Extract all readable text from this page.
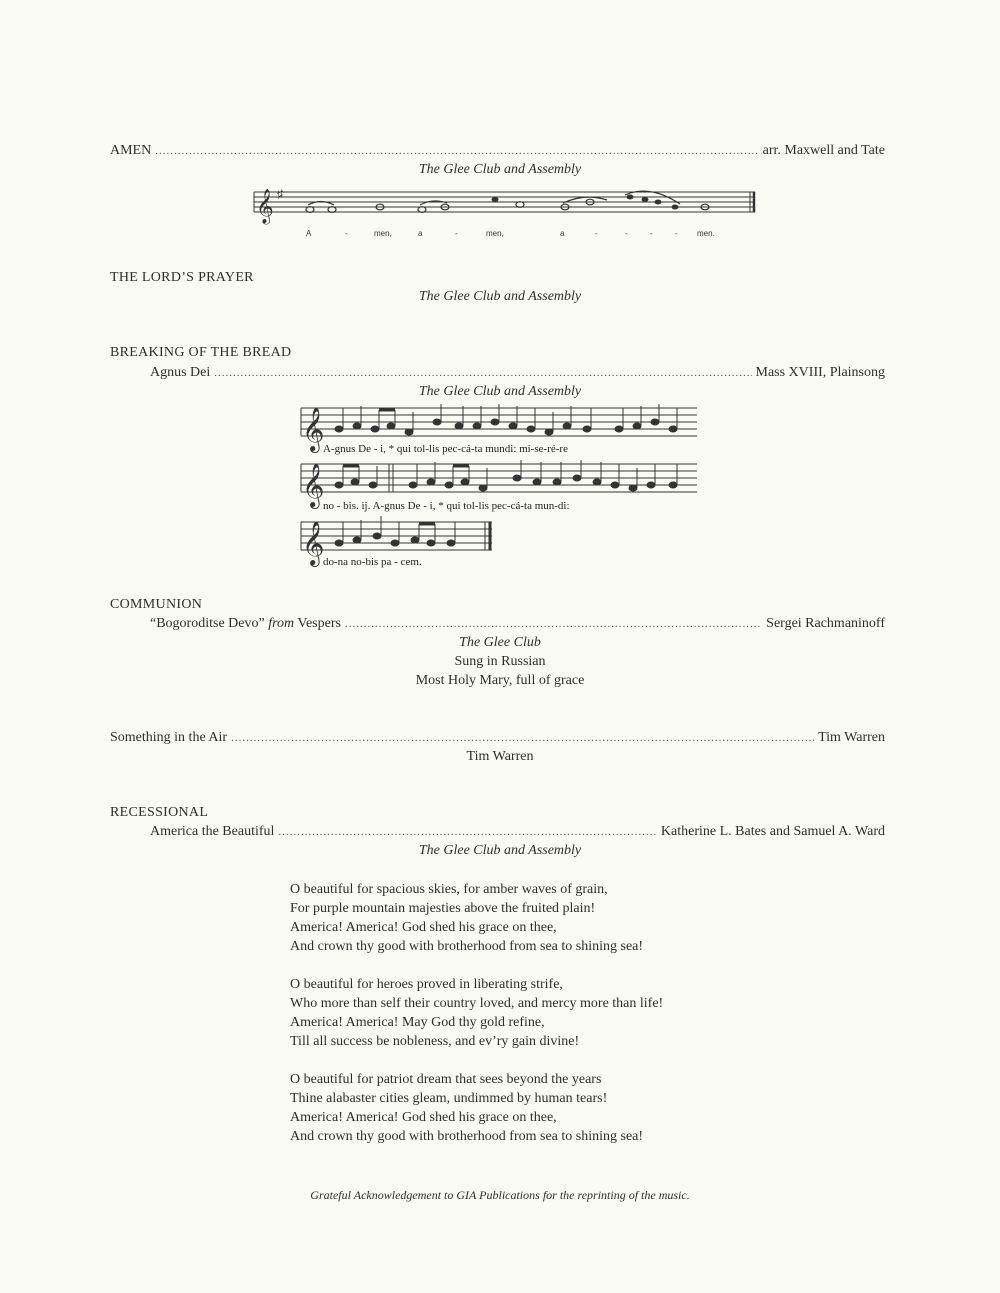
AMEN .....	arr. Maxwell and Tate
The Glee Club and Assembly
𝄞 ♯
A	-	men,	a	-	men,	a	-	-	-	- men.
THE LORD’S PRAYER
The Glee Club and Assembly
BREAKING OF THE BREAD
Agnus Dei .....	Mass XVIII, Plainsong
The Glee Club and Assembly
𝄞
𝄞
𝄞
A-gnus De - i, * qui tol-lis pec-cá-ta mundi: mi-se-ré-re
no - bis. ij. A-gnus De - i, * qui tol-lis pec-cá-ta mun-di:
do-na no-bis pa - cem.
COMMUNION
“Bogoroditse Devo” from Vespers .....	Sergei Rachmaninoff
The Glee Club
Sung in Russian
Most Holy Mary, full of grace
Something in the Air .....	Tim Warren
Tim Warren
RECESSIONAL
America the Beautiful .....	Katherine L. Bates and Samuel A. Ward
The Glee Club and Assembly
O beautiful for spacious skies, for amber waves of grain,
For purple mountain majesties above the fruited plain!
America! America! God shed his grace on thee,
And crown thy good with brotherhood from sea to shining sea!
O beautiful for heroes proved in liberating strife,
Who more than self their country loved, and mercy more than life!
America! America! May God thy gold refine,
Till all success be nobleness, and ev’ry gain divine!
O beautiful for patriot dream that sees beyond the years
Thine alabaster cities gleam, undimmed by human tears!
America! America! God shed his grace on thee,
And crown thy good with brotherhood from sea to shining sea!
Grateful Acknowledgement to GIA Publications for the reprinting of the music.
